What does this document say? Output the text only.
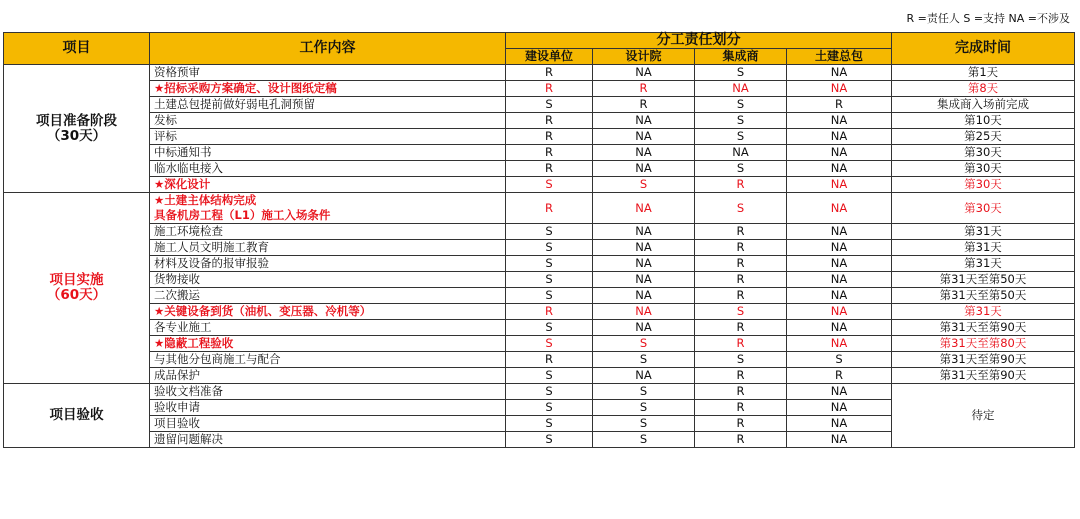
R =责任人 S =支持 NA =不涉及
项目	工作内容	分工责任划分				完成时间
		建设单位	设计院	集成商	土建总包	

项目准备阶段
（30天）	资格预审	R	NA	S	NA	第1天
	★招标采购方案确定、设计图纸定稿	R	R	NA	NA	第8天
	土建总包提前做好弱电孔洞预留	S	R	S	R	集成商入场前完成
	发标	R	NA	S	NA	第10天
	评标	R	NA	S	NA	第25天
	中标通知书	R	NA	NA	NA	第30天
	临水临电接入	R	NA	S	NA	第30天
	★深化设计	S	S	R	NA	第30天

项目实施
（60天）	★土建主体结构完成
具备机房工程（L1）施工入场条件	R	NA	S	NA	第30天
	施工环境检查	S	NA	R	NA	第31天
	施工人员文明施工教育	S	NA	R	NA	第31天
	材料及设备的报审报验	S	NA	R	NA	第31天
	货物接收	S	NA	R	NA	第31天至第50天
	二次搬运	S	NA	R	NA	第31天至第50天
	★关键设备到货（油机、变压器、冷机等）	R	NA	S	NA	第31天
	各专业施工	S	NA	R	NA	第31天至第90天
	★隐蔽工程验收	S	S	R	NA	第31天至第80天
	与其他分包商施工与配合	R	S	S	S	第31天至第90天
	成品保护	S	NA	R	R	第31天至第90天

项目验收	验收文档准备	S	S	R	NA	待定
	验收申请	S	S	R	NA	
	项目验收	S	S	R	NA	
	遗留问题解决	S	S	R	NA	
